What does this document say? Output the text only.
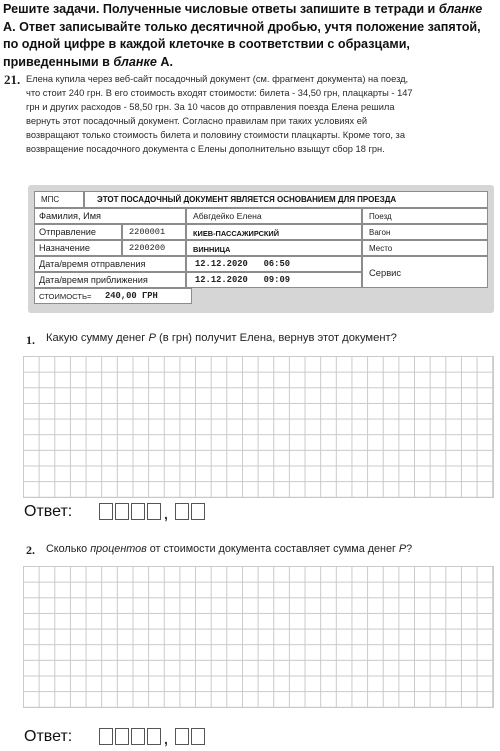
Решите задачи. Полученные числовые ответы запишите в тетради и бланке
А. Ответ записывайте только десятичной дробью, учтя положение запятой,
по одной цифре в каждой клеточке в соответствии с образцами,
приведенными в бланке А.
21. Елена купила через веб-сайт посадочный документ (см. фрагмент документа) на поезд,
что стоит 240 грн. В его стоимость входят стоимости: билета - 34,50 грн, плацкарты - 147
грн и других расходов - 58,50 грн. За 10 часов до отправления поезда Елена решила
вернуть этот посадочный документ. Согласно правилам при таких условиях ей
возвращают только стоимость билета и половину стоимости плацкарты. Кроме того, за
возвращение посадочного документа с Елены дополнительно взыщут сбор 18 грн.
МПС	ЭТОТ ПОСАДОЧНЫЙ ДОКУМЕНТ ЯВЛЯЕТСЯ ОСНОВАНИЕМ ДЛЯ ПРОЕЗДА
Фамилия, Имя	Абвгдейко Елена	Поезд
Отправление	2200001	КИЕВ-ПАССАЖИРСКИЙ	Вагон
Назначение	2200200	ВИННИЦА	Место
Дата/время отправления	12.12.2020   06:50
Сервис
Дата/время приближения	12.12.2020   09:09
СТОИМОСТЬ= 240,00 ГРН
1. Какую сумму денег P (в грн) получит Елена, вернув этот документ?
Ответ:	,
2. Сколько процентов от стоимости документа составляет сумма денег P?
Ответ:	,
